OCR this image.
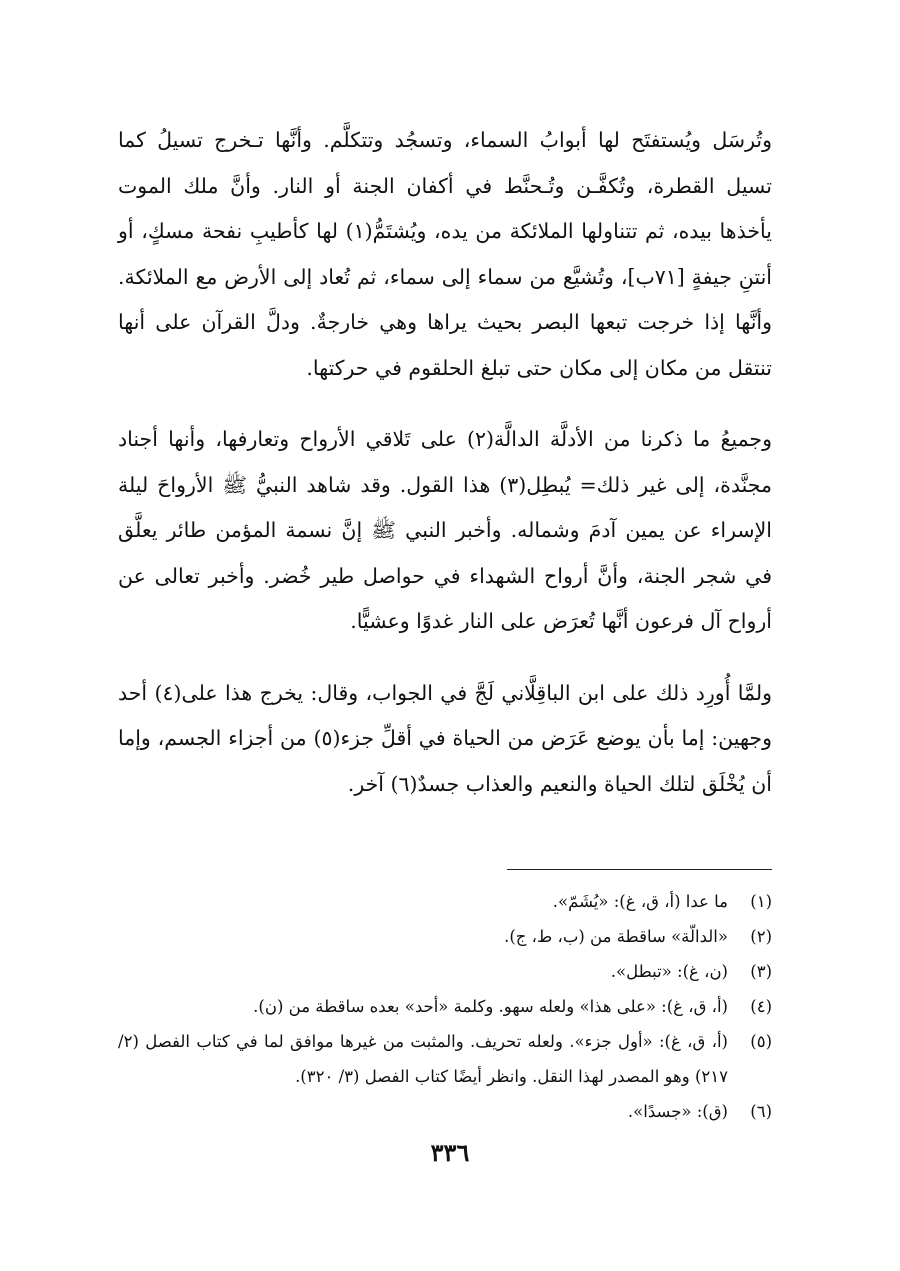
وتُرسَل ويُستفتَح لها أبوابُ السماء، وتسجُد وتتكلَّم. وأنَّها تـخرج تسيلُ كما تسيل القطرة، وتُكفَّـن وتُـحنَّط في أكفان الجنة أو النار. وأنَّ ملك الموت يأخذها بيده، ثم تتناولها الملائكة من يده، ويُشتَمُّ(١) لها كأطيبِ نفحة مسكٍ، أو أنتنِ جيفةٍ [٧١ب]، وتُشيَّع من سماء إلى سماء، ثم تُعاد إلى الأرض مع الملائكة. وأنَّها إذا خرجت تبعها البصر بحيث يراها وهي خارجةٌ. ودلَّ القرآن على أنها تنتقل من مكان إلى مكان حتى تبلغ الحلقوم في حركتها.

وجميعُ ما ذكرنا من الأدلَّة الدالَّة(٢) على تَلاقي الأرواح وتعارفها، وأنها أجناد مجنَّدة، إلى غير ذلك= يُبطِل(٣) هذا القول. وقد شاهد النبيُّ ﷺ الأرواحَ ليلة الإسراء عن يمين آدمَ وشماله. وأخبر النبي ﷺ إنَّ نسمة المؤمن طائر يعلَّق في شجر الجنة، وأنَّ أرواح الشهداء في حواصل طير خُضر. وأخبر تعالى عن أرواح آل فرعون أنَّها تُعرَض على النار غدوًا وعشيًّا.

ولمَّا أُورِد ذلك على ابن الباقِلَّاني لَجَّ في الجواب، وقال: يخرج هذا على(٤) أحد وجهين: إما بأن يوضع عَرَض من الحياة في أقلِّ جزء(٥) من أجزاء الجسم، وإما أن يُخْلَق لتلك الحياة والنعيم والعذاب جسدٌ(٦) آخر.

(١)
ما عدا (أ، ق، غ): «يُشَمّ».
(٢)
«الدالّة» ساقطة من (ب، ط، ج).
(٣)
(ن، غ): «تبطل».
(٤)
(أ، ق، غ): «على هذا» ولعله سهو. وكلمة «أحد» بعده ساقطة من (ن).
(٥)
(أ، ق، غ): «أول جزء». ولعله تحريف. والمثبت من غيرها موافق لما في كتاب الفصل (٢/ ٢١٧) وهو المصدر لهذا النقل. وانظر أيضًا كتاب الفصل (٣/ ٣٢٠).
(٦)
(ق): «جسدًا».
٣٣٦
